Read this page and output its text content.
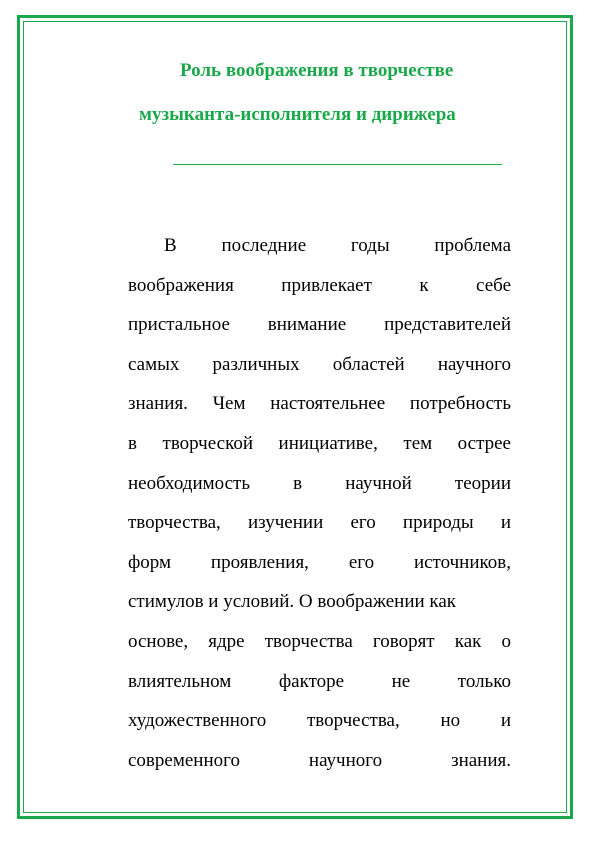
Роль воображения в творчестве
музыканта-исполнителя и дирижера
В последние годы проблема
воображения привлекает к себе
пристальное внимание представителей
самых различных областей научного
знания. Чем настоятельнее потребность
в творческой инициативе, тем острее
необходимость в научной теории
творчества, изучении его природы и
форм проявления, его источников,
стимулов и условий. О воображении как
основе, ядре творчества говорят как о
влиятельном факторе не только
художественного творчества, но и
современного научного знания.
